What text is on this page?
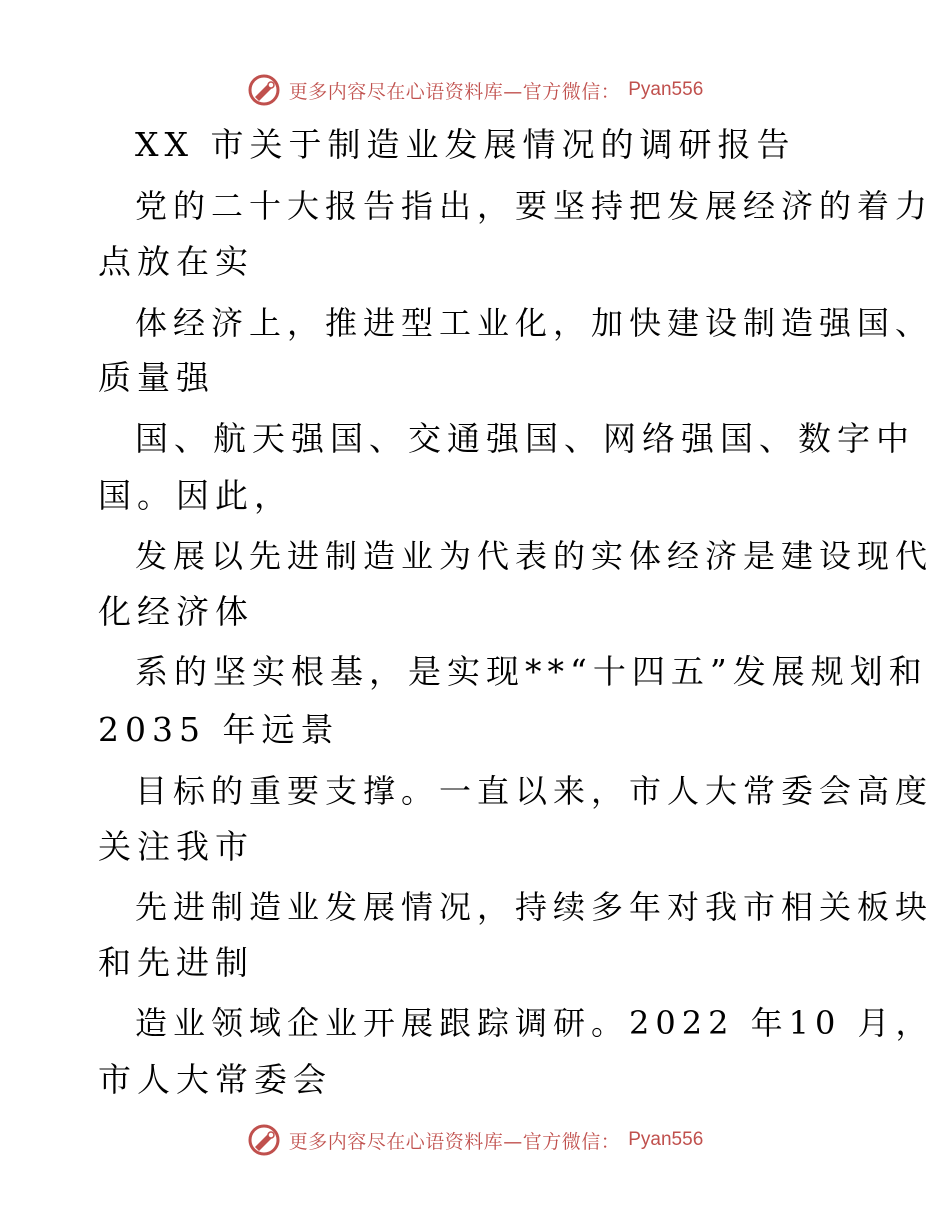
更多内容尽在心语资料库—官方微信： Pyan556
XX 市关于制造业发展情况的调研报告
党的二十大报告指出，要坚持把发展经济的着力
点放在实
体经济上，推进型工业化，加快建设制造强国、
质量强
国、航天强国、交通强国、网络强国、数字中
国。因此，
发展以先进制造业为代表的实体经济是建设现代
化经济体
系的坚实根基，是实现**“十四五”发展规划和
2035 年远景
目标的重要支撑。一直以来，市人大常委会高度
关注我市
先进制造业发展情况，持续多年对我市相关板块
和先进制
造业领域企业开展跟踪调研。2022 年10 月，
市人大常委会
更多内容尽在心语资料库—官方微信： Pyan556
